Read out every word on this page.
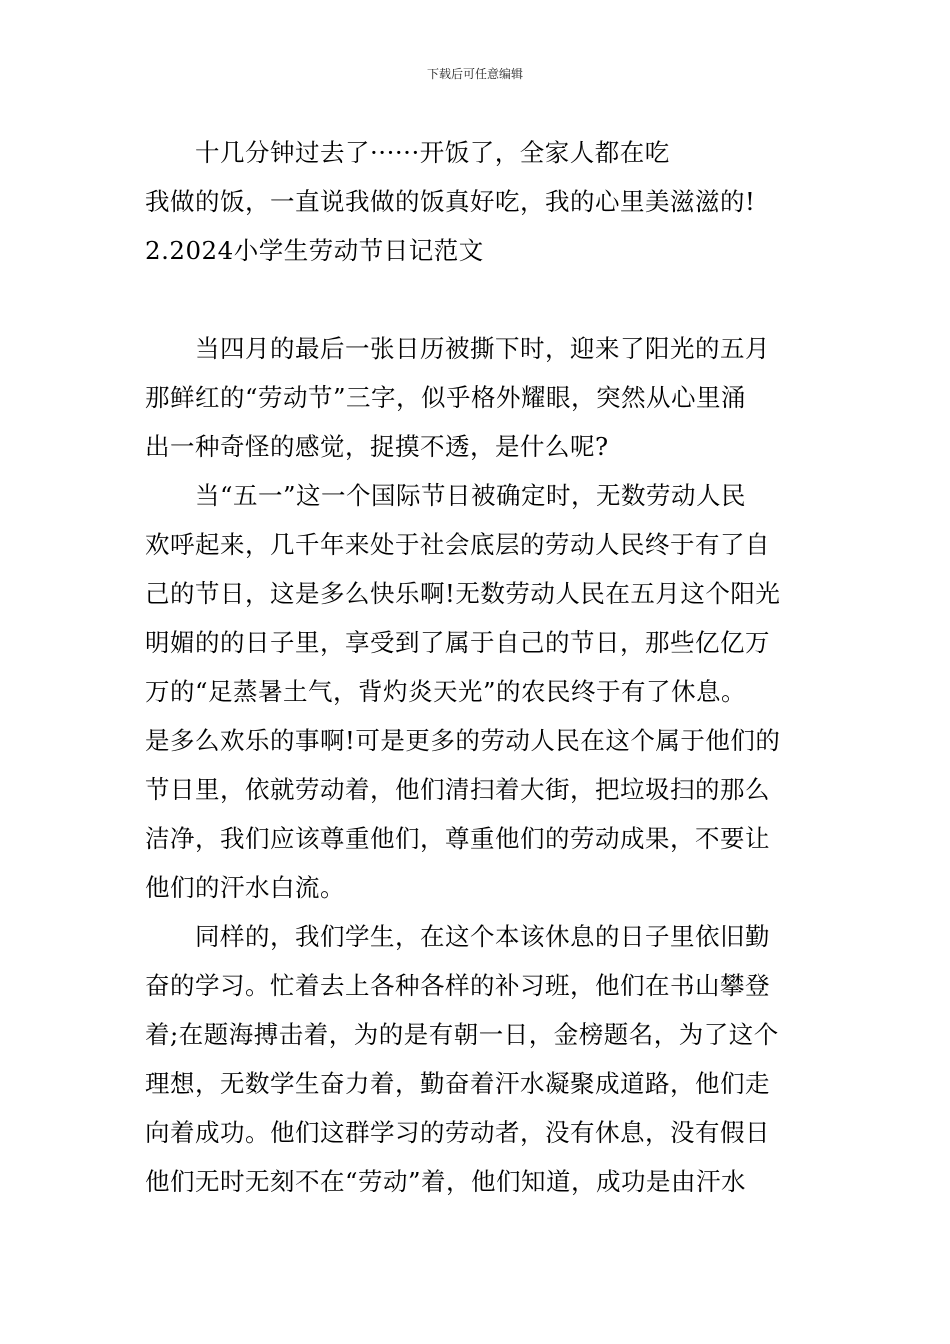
下载后可任意编辑

　　十几分钟过去了······开饭了，全家人都在吃

我做的饭，一直说我做的饭真好吃，我的心里美滋滋的!

2.2024小学生劳动节日记范文

　　当四月的最后一张日历被撕下时，迎来了阳光的五月

那鲜红的“劳动节”三字，似乎格外耀眼，突然从心里涌

出一种奇怪的感觉，捉摸不透，是什么呢?

　　当“五一”这一个国际节日被确定时，无数劳动人民

欢呼起来，几千年来处于社会底层的劳动人民终于有了自

己的节日，这是多么快乐啊!无数劳动人民在五月这个阳光

明媚的的日子里，享受到了属于自己的节日，那些亿亿万

万的“足蒸暑土气，背灼炎天光”的农民终于有了休息。

是多么欢乐的事啊!可是更多的劳动人民在这个属于他们的

节日里，依就劳动着，他们清扫着大街，把垃圾扫的那么

洁净，我们应该尊重他们，尊重他们的劳动成果，不要让

他们的汗水白流。

　　同样的，我们学生，在这个本该休息的日子里依旧勤

奋的学习。忙着去上各种各样的补习班，他们在书山攀登

着;在题海搏击着，为的是有朝一日，金榜题名，为了这个

理想，无数学生奋力着，勤奋着汗水凝聚成道路，他们走

向着成功。他们这群学习的劳动者，没有休息，没有假日

他们无时无刻不在“劳动”着，他们知道，成功是由汗水
